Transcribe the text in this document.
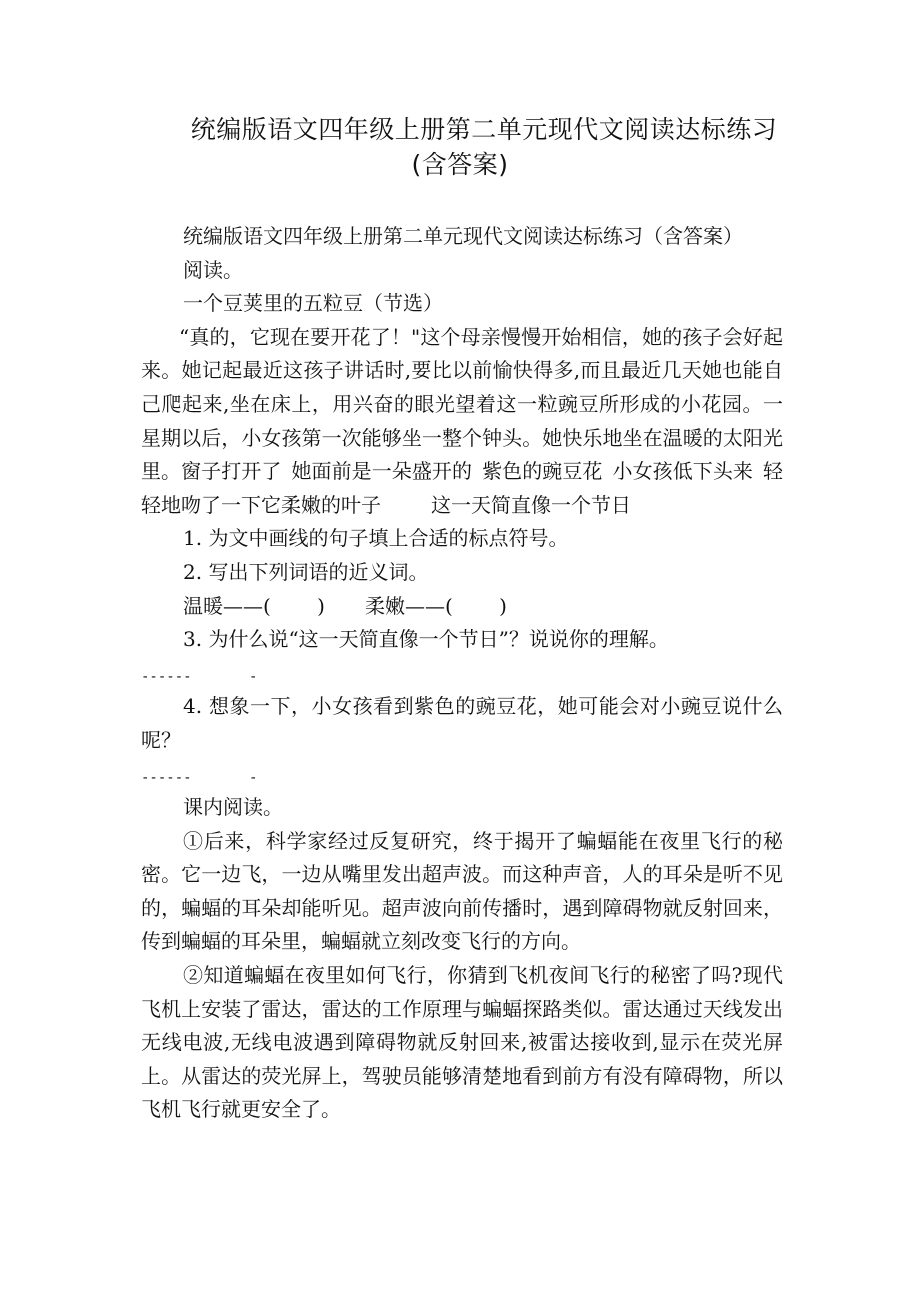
统编版语文四年级上册第二单元现代文阅读达标练习
(含答案)

统编版语文四年级上册第二单元现代文阅读达标练习（含答案）

阅读。

一个豆荚里的五粒豆（节选）

“真的，它现在要开花了！"这个母亲慢慢开始相信，她的孩子会好起来。她记起最近这孩子讲话时,要比以前愉快得多,而且最近几天她也能自己爬起来,坐在床上，用兴奋的眼光望着这一粒豌豆所形成的小花园。一星期以后，小女孩第一次能够坐一整个钟头。她快乐地坐在温暖的太阳光里。窗子打开了 她面前是一朵盛开的 紫色的豌豆花 小女孩低下头来 轻轻地吻了一下它柔嫩的叶子	这一天简直像一个节日

1. 为文中画线的句子填上合适的标点符号。

2. 写出下列词语的近义词。

温暖——(　　 ) 柔嫩——(　　 )

3. 为什么说“这一天简直像一个节日”？说说你的理解。

------	-

4. 想象一下，小女孩看到紫色的豌豆花，她可能会对小豌豆说什么呢？

------	-

课内阅读。

①后来，科学家经过反复研究，终于揭开了蝙蝠能在夜里飞行的秘密。它一边飞，一边从嘴里发出超声波。而这种声音，人的耳朵是听不见的，蝙蝠的耳朵却能听见。超声波向前传播时，遇到障碍物就反射回来，传到蝙蝠的耳朵里，蝙蝠就立刻改变飞行的方向。

②知道蝙蝠在夜里如何飞行，你猜到飞机夜间飞行的秘密了吗?现代飞机上安装了雷达，雷达的工作原理与蝙蝠探路类似。雷达通过天线发出无线电波,无线电波遇到障碍物就反射回来,被雷达接收到,显示在荧光屏上。从雷达的荧光屏上，驾驶员能够清楚地看到前方有没有障碍物，所以飞机飞行就更安全了。
